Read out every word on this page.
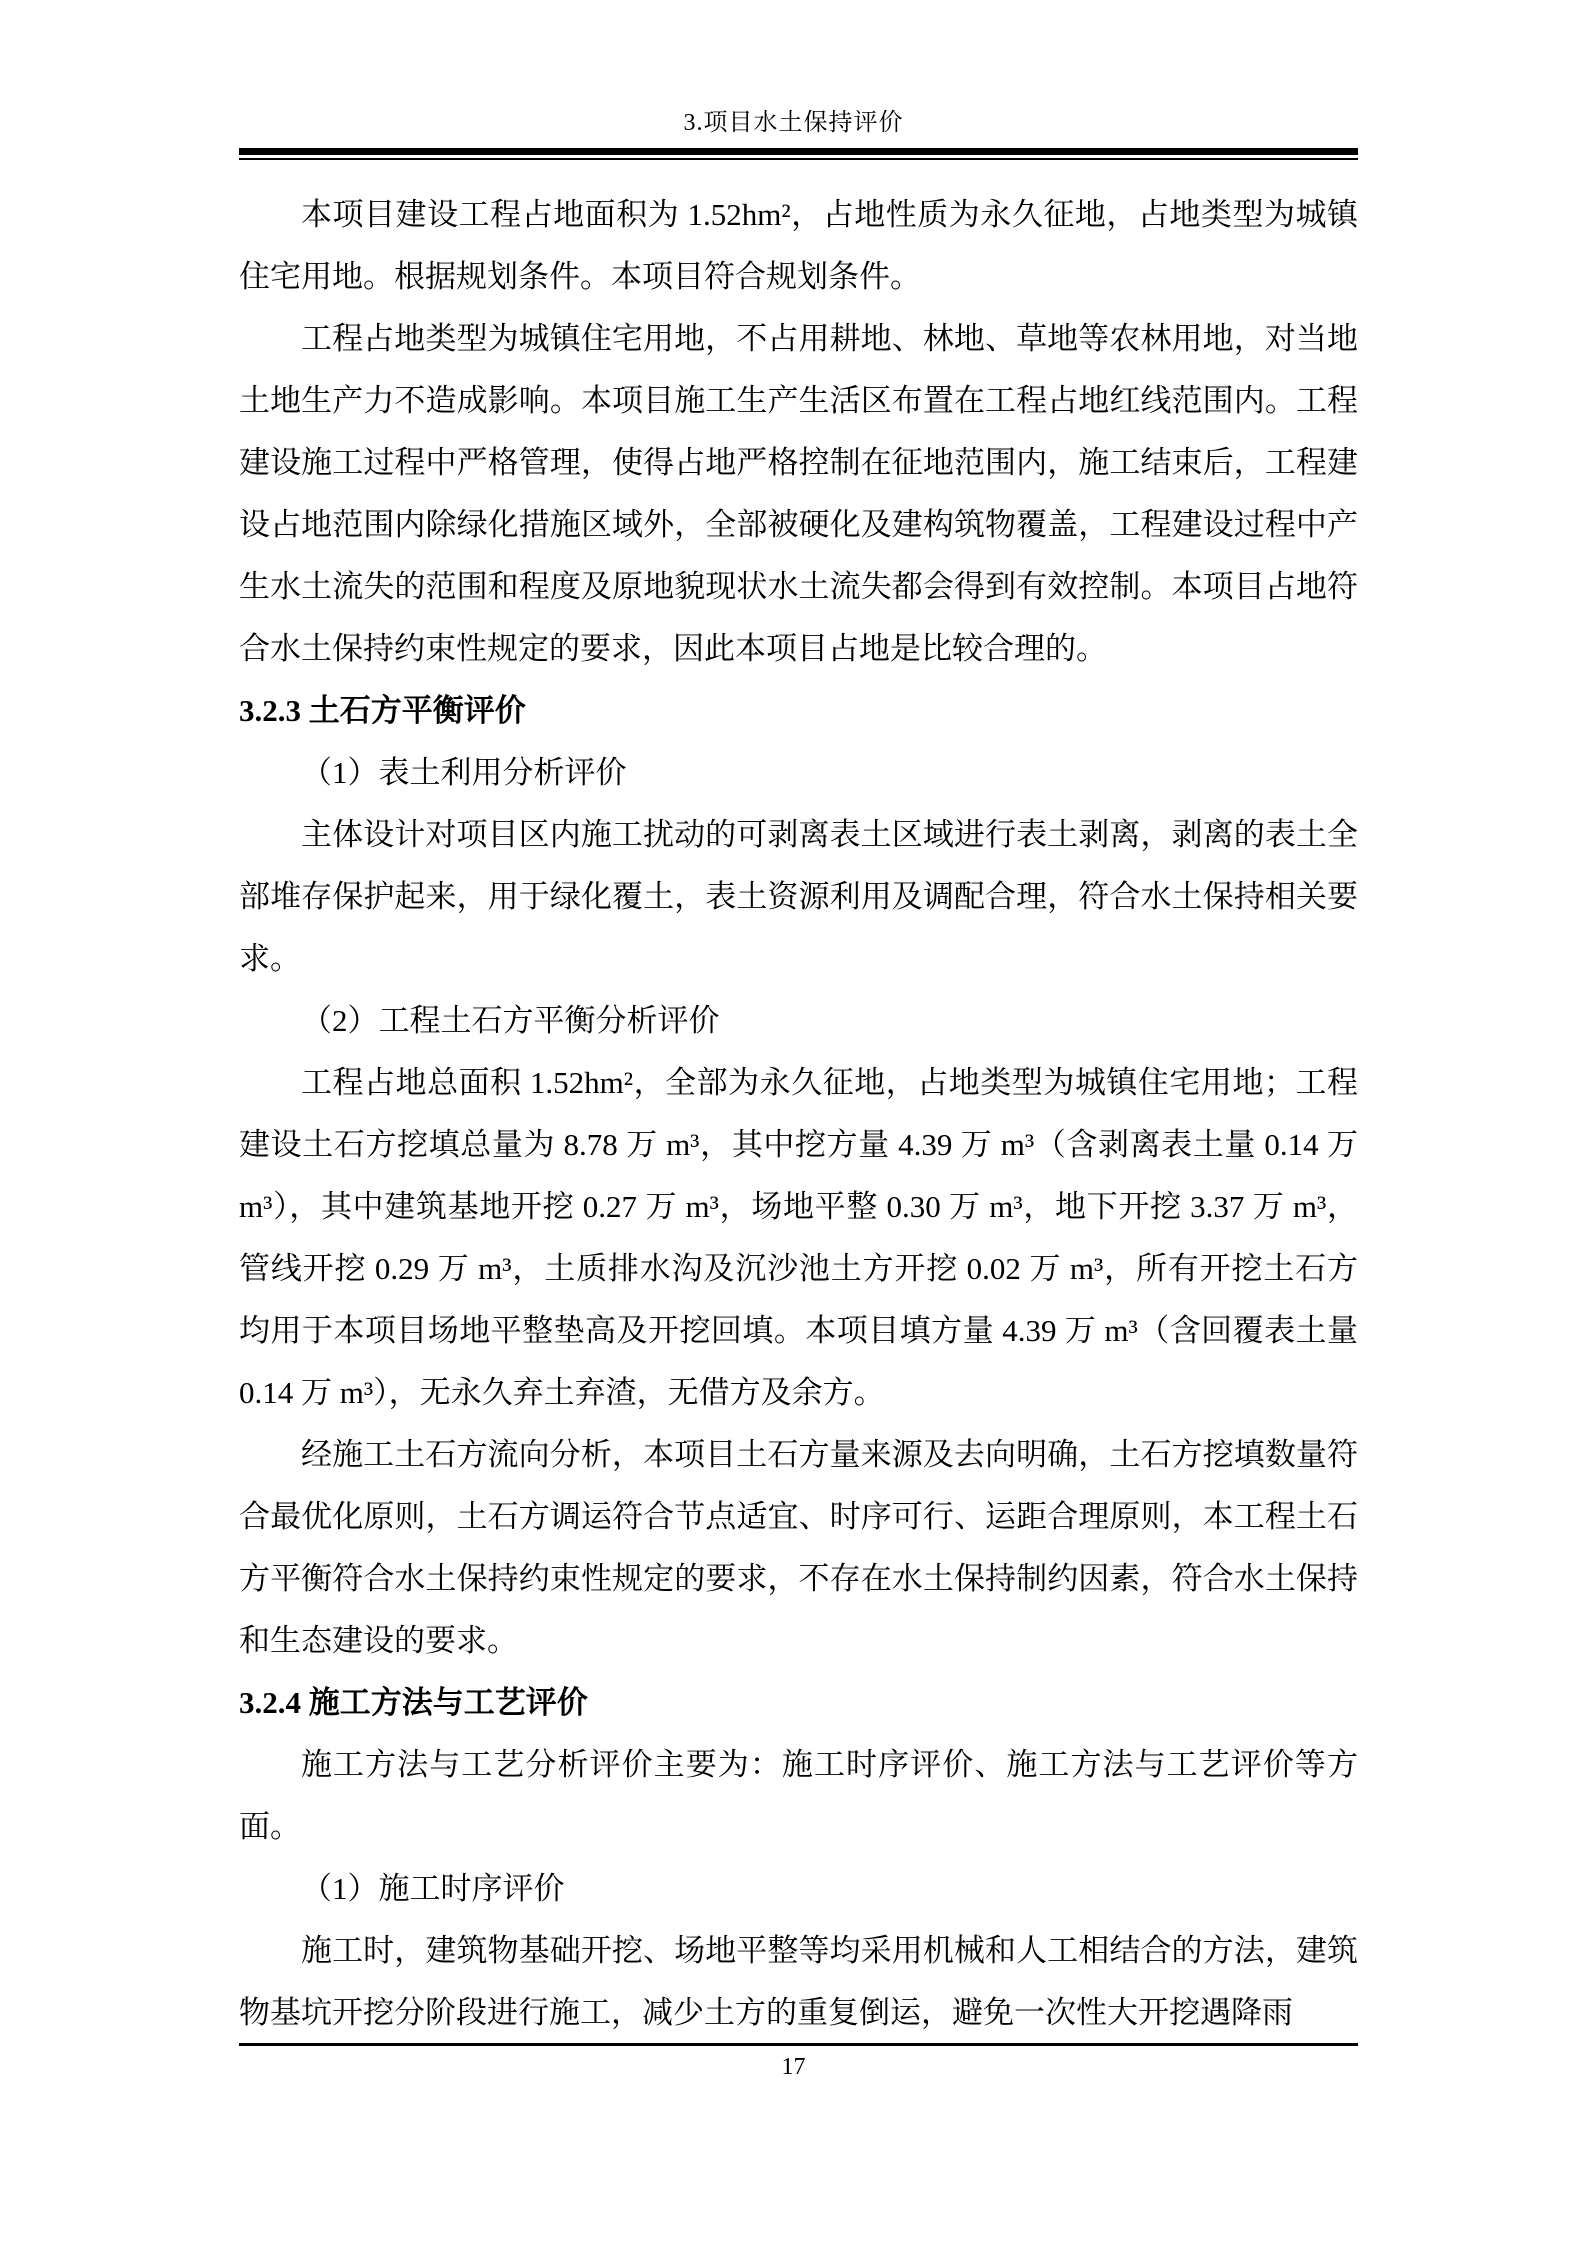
3.项目水土保持评价

本项目建设工程占地面积为 1.52hm²，占地性质为永久征地，占地类型为城镇住宅用地。根据规划条件。本项目符合规划条件。

工程占地类型为城镇住宅用地，不占用耕地、林地、草地等农林用地，对当地土地生产力不造成影响。本项目施工生产生活区布置在工程占地红线范围内。工程建设施工过程中严格管理，使得占地严格控制在征地范围内，施工结束后，工程建设占地范围内除绿化措施区域外，全部被硬化及建构筑物覆盖，工程建设过程中产生水土流失的范围和程度及原地貌现状水土流失都会得到有效控制。本项目占地符合水土保持约束性规定的要求，因此本项目占地是比较合理的。

3.2.3 土石方平衡评价

（1）表土利用分析评价

主体设计对项目区内施工扰动的可剥离表土区域进行表土剥离，剥离的表土全部堆存保护起来，用于绿化覆土，表土资源利用及调配合理，符合水土保持相关要求。

（2）工程土石方平衡分析评价

工程占地总面积 1.52hm²，全部为永久征地，占地类型为城镇住宅用地；工程建设土石方挖填总量为 8.78 万 m³，其中挖方量 4.39 万 m³（含剥离表土量 0.14 万 m³），其中建筑基地开挖 0.27 万 m³，场地平整 0.30 万 m³，地下开挖 3.37 万 m³，管线开挖 0.29 万 m³，土质排水沟及沉沙池土方开挖 0.02 万 m³，所有开挖土石方均用于本项目场地平整垫高及开挖回填。本项目填方量 4.39 万 m³（含回覆表土量 0.14 万 m³），无永久弃土弃渣，无借方及余方。

经施工土石方流向分析，本项目土石方量来源及去向明确，土石方挖填数量符合最优化原则，土石方调运符合节点适宜、时序可行、运距合理原则，本工程土石方平衡符合水土保持约束性规定的要求，不存在水土保持制约因素，符合水土保持和生态建设的要求。

3.2.4 施工方法与工艺评价

施工方法与工艺分析评价主要为：施工时序评价、施工方法与工艺评价等方面。

（1）施工时序评价

施工时，建筑物基础开挖、场地平整等均采用机械和人工相结合的方法，建筑物基坑开挖分阶段进行施工，减少土方的重复倒运，避免一次性大开挖遇降雨

17
